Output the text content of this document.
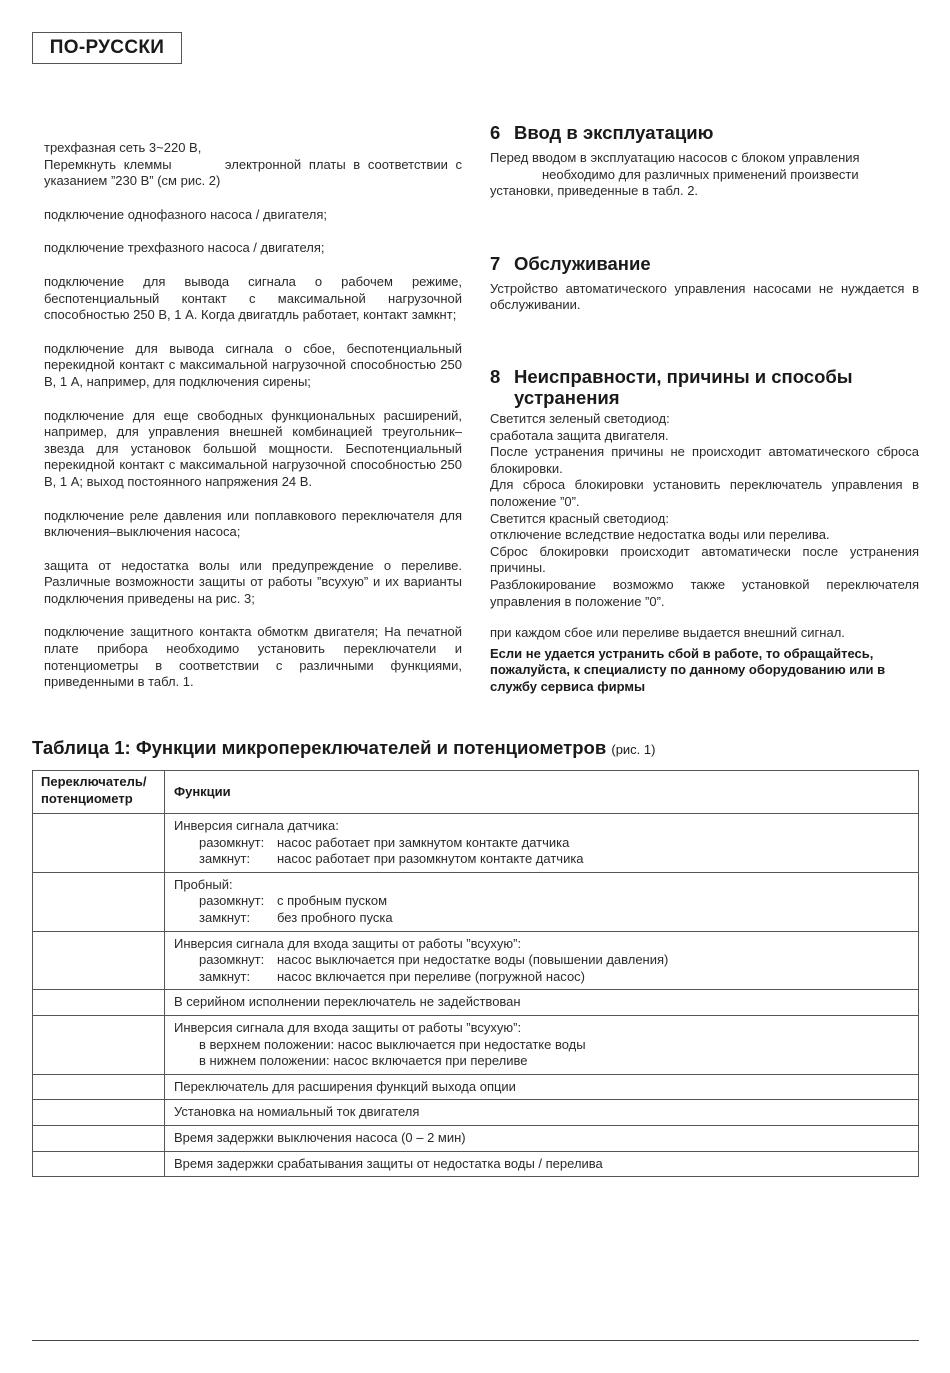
ПО-РУССКИ

трехфазная сеть 3~220 В,
Перемкнуть клеммы       электронной платы в соответствии с указанием ”230 В” (см рис. 2)

подключение однофазного насоса / двигателя;

подключение трехфазного насоса / двигателя;

подключение для вывода сигнала о рабочем режиме, беспотенциальный контакт с максимальной нагрузочной способностью 250 В, 1 А. Когда двигатдль работает, контакт замкнт;

подключение для вывода сигнала о сбое, беспотенциальный перекидной контакт с максимальной нагрузочной способностью 250 В, 1 А, например, для подключения сирены;

подключение для еще свободных функциональных расширений, например, для управления внешней комбинацией треугольник–звезда для установок большой мощности. Беспотенциальный перекидной контакт с максимальной нагрузочной способностью 250 В, 1 А; выход постоянного напряжения 24 В.

подключение реле давления или поплавкового переключателя для включения–выключения насоса;

защита от недостатка волы или предупреждение о переливе. Различные возможности защиты от работы ”всухую” и их варианты подключения приведены на рис. 3;

подключение защитного контакта обмоткм двигателя; На печатной плате прибора необходимо установить переключатели и потенциометры в соответствии с различными функциями, приведенными в табл. 1.

6 Ввод в эксплуатацию

Перед вводом в эксплуатацию насосов с блоком управления

необходимо для различных применений произвести

установки, приведенные в табл. 2.

7 Обслуживание

Устройство автоматического управления насосами не нуждается в обслуживании.

8 Неисправности, причины и способы устранения

Светится зеленый светодиод:

сработала защита двигателя.

После устранения причины не происходит автоматического сброса блокировки.

Для сброса блокировки установить переключатель управления в положение ”0”.

Светится красный светодиод:

отключение вследствие недостатка воды или перелива.

Сброс блокировки происходит автоматически после устранения причины.

Разблокирование возможмо также установкой переключателя управления в положение ”0”.

при каждом сбое или переливе выдается внешний сигнал.

Если не удается устранить сбой в работе, то обращайтесь, пожалуйста, к специалисту по данному оборудованию или в службу сервиса фирмы

Таблица 1: Функции микропереключателей и потенциометров (рис. 1)
Переключатель/
потенциометр	Функции

	Инверсия сигнала датчика:
разомкнут: насос работает при замкнутом контакте датчика
замкнут: насос работает при разомкнутом контакте датчика

	Пробный:
разомкнут: с пробным пуском
замкнут: без пробного пуска

	Инверсия сигнала для входа защиты от работы ”всухую”:
разомкнут: насос выключается при недостатке воды (повышении давления)
замкнут: насос включается при переливе (погружной насос)

	В серийном исполнении переключатель не задействован

	Инверсия сигнала для входа защиты от работы ”всухую”:
в верхнем положении: насос выключается при недостатке воды
в нижнем положении: насос включается при переливе

	Переключатель для расширения функций выхода опции

	Установка на номиальный ток двигателя

	Время задержки выключения насоса (0 – 2 мин)

	Время задержки срабатывания защиты от недостатка воды / перелива
